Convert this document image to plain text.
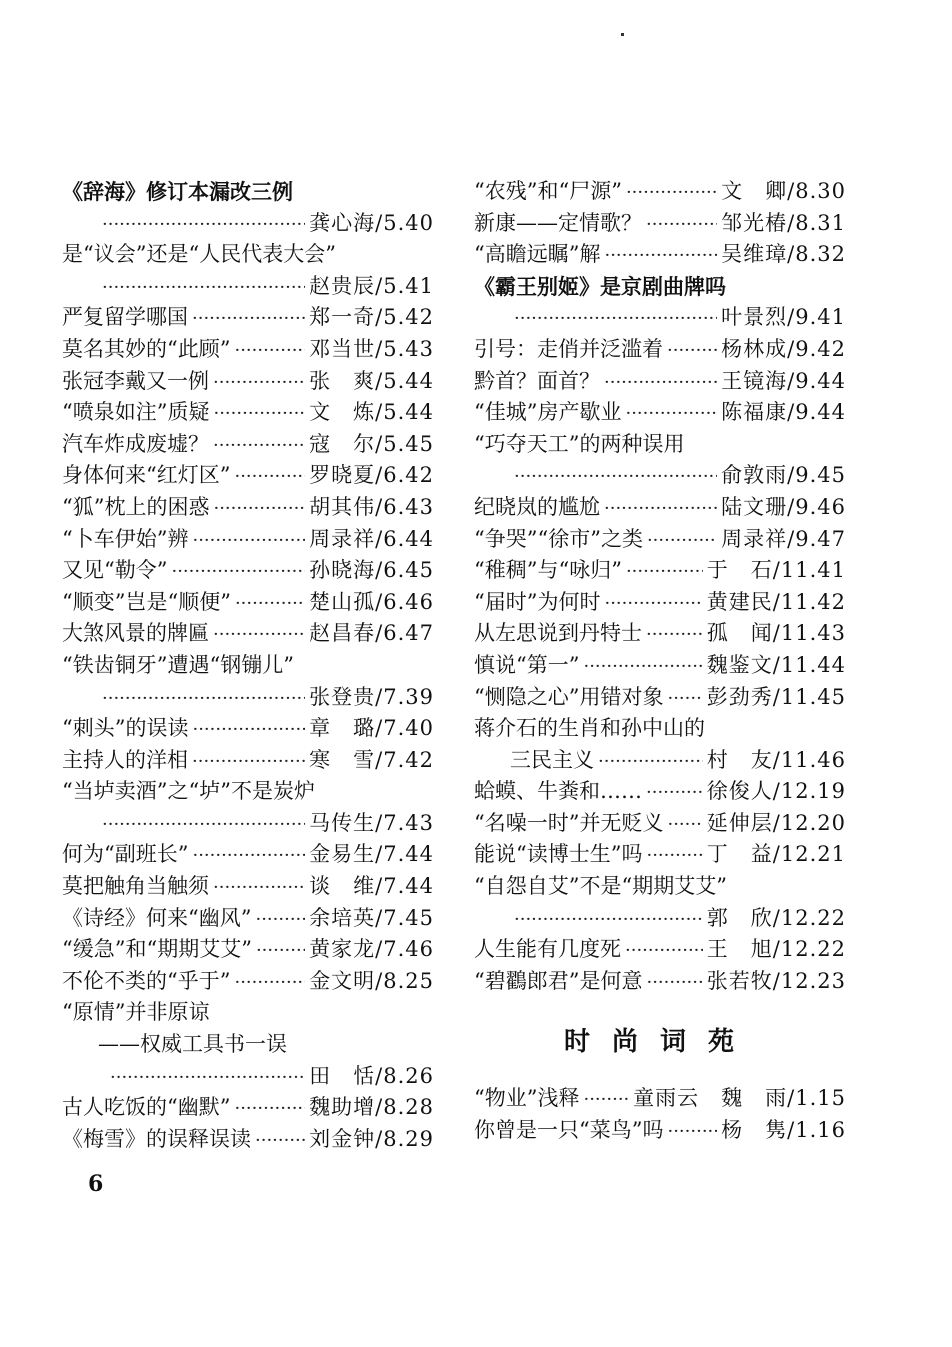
《辞海》修订本漏改三例
·····
龚心海/5.40
是“议会”还是“人民代表大会”
·····
赵贵辰/5.41
严复留学哪国 ·····	郑一奇/5.42
莫名其妙的“此顾” ·····	邓当世/5.43
张冠李戴又一例 ·····	张　爽/5.44
“喷泉如注”质疑 ·····	文　炼/5.44
汽车炸成废墟？ ·····	寇　尔/5.45
身体何来“红灯区” ·····	罗晓夏/6.42
“狐”枕上的困惑 ·····	胡其伟/6.43
“卜车伊始”辨 ·····	周录祥/6.44
又见“勒令” ·····	孙晓海/6.45
“顺变”岂是“顺便” ·····	楚山孤/6.46
大煞风景的牌匾 ·····	赵昌春/6.47
“铁齿铜牙”遭遇“钢镚儿”
·····
张登贵/7.39
“刺头”的误读 ·····	章　璐/7.40
主持人的洋相 ·····	寒　雪/7.42
“当垆卖酒”之“垆”不是炭炉
·····
马传生/7.43
何为“副班长” ·····	金易生/7.44
莫把触角当触须 ·····	谈　维/7.44
《诗经》何来“幽风” ·····	余培英/7.45
“缓急”和“期期艾艾” ·····	黄家龙/7.46
不伦不类的“乎于” ·····	金文明/8.25
“原情”并非原谅
——权威工具书一误
·····
田　恬/8.26
古人吃饭的“幽默” ·····	魏助增/8.28
《梅雪》的误释误读 ·····	刘金钟/8.29
“农残”和“尸源” ·····	文　卿/8.30
新康——定情歌？ ·····	邹光椿/8.31
“高瞻远瞩”解 ·····	吴维璋/8.32
《霸王别姬》是京剧曲牌吗
·····
叶景烈/9.41
引号：走俏并泛滥着 ·····	杨林成/9.42
黔首？面首？ ·····	王镜海/9.44
“佳城”房产歇业 ·····	陈福康/9.44
“巧夺天工”的两种误用
·····
俞敦雨/9.45
纪晓岚的尴尬 ·····	陆文珊/9.46
“争哭”“徐市”之类 ·····	周录祥/9.47
“稚稠”与“咏归” ·····	于　石/11.41
“届时”为何时 ·····	黄建民/11.42
从左思说到丹特士 ·····	孤　闻/11.43
慎说“第一” ·····	魏鉴文/11.44
“恻隐之心”用错对象 ····· 彭劲秀/11.45
蒋介石的生肖和孙中山的
三民主义 ·····	村　友/11.46
蛤蟆、牛粪和…… ·····	徐俊人/12.19
“名噪一时”并无贬义 ····· 延伸层/12.20
能说“读博士生”吗 ·····	丁　益/12.21
“自怨自艾”不是“期期艾艾”
·····
郭　欣/12.22
人生能有几度死 ·····	王　旭/12.22
“碧鸐郎君”是何意 ·····	张若牧/12.23
时尚词苑
“物业”浅释 ·····	童雨云　魏　雨/1.15
你曾是一只“菜鸟”吗 ·····	杨　隽/1.16
6
